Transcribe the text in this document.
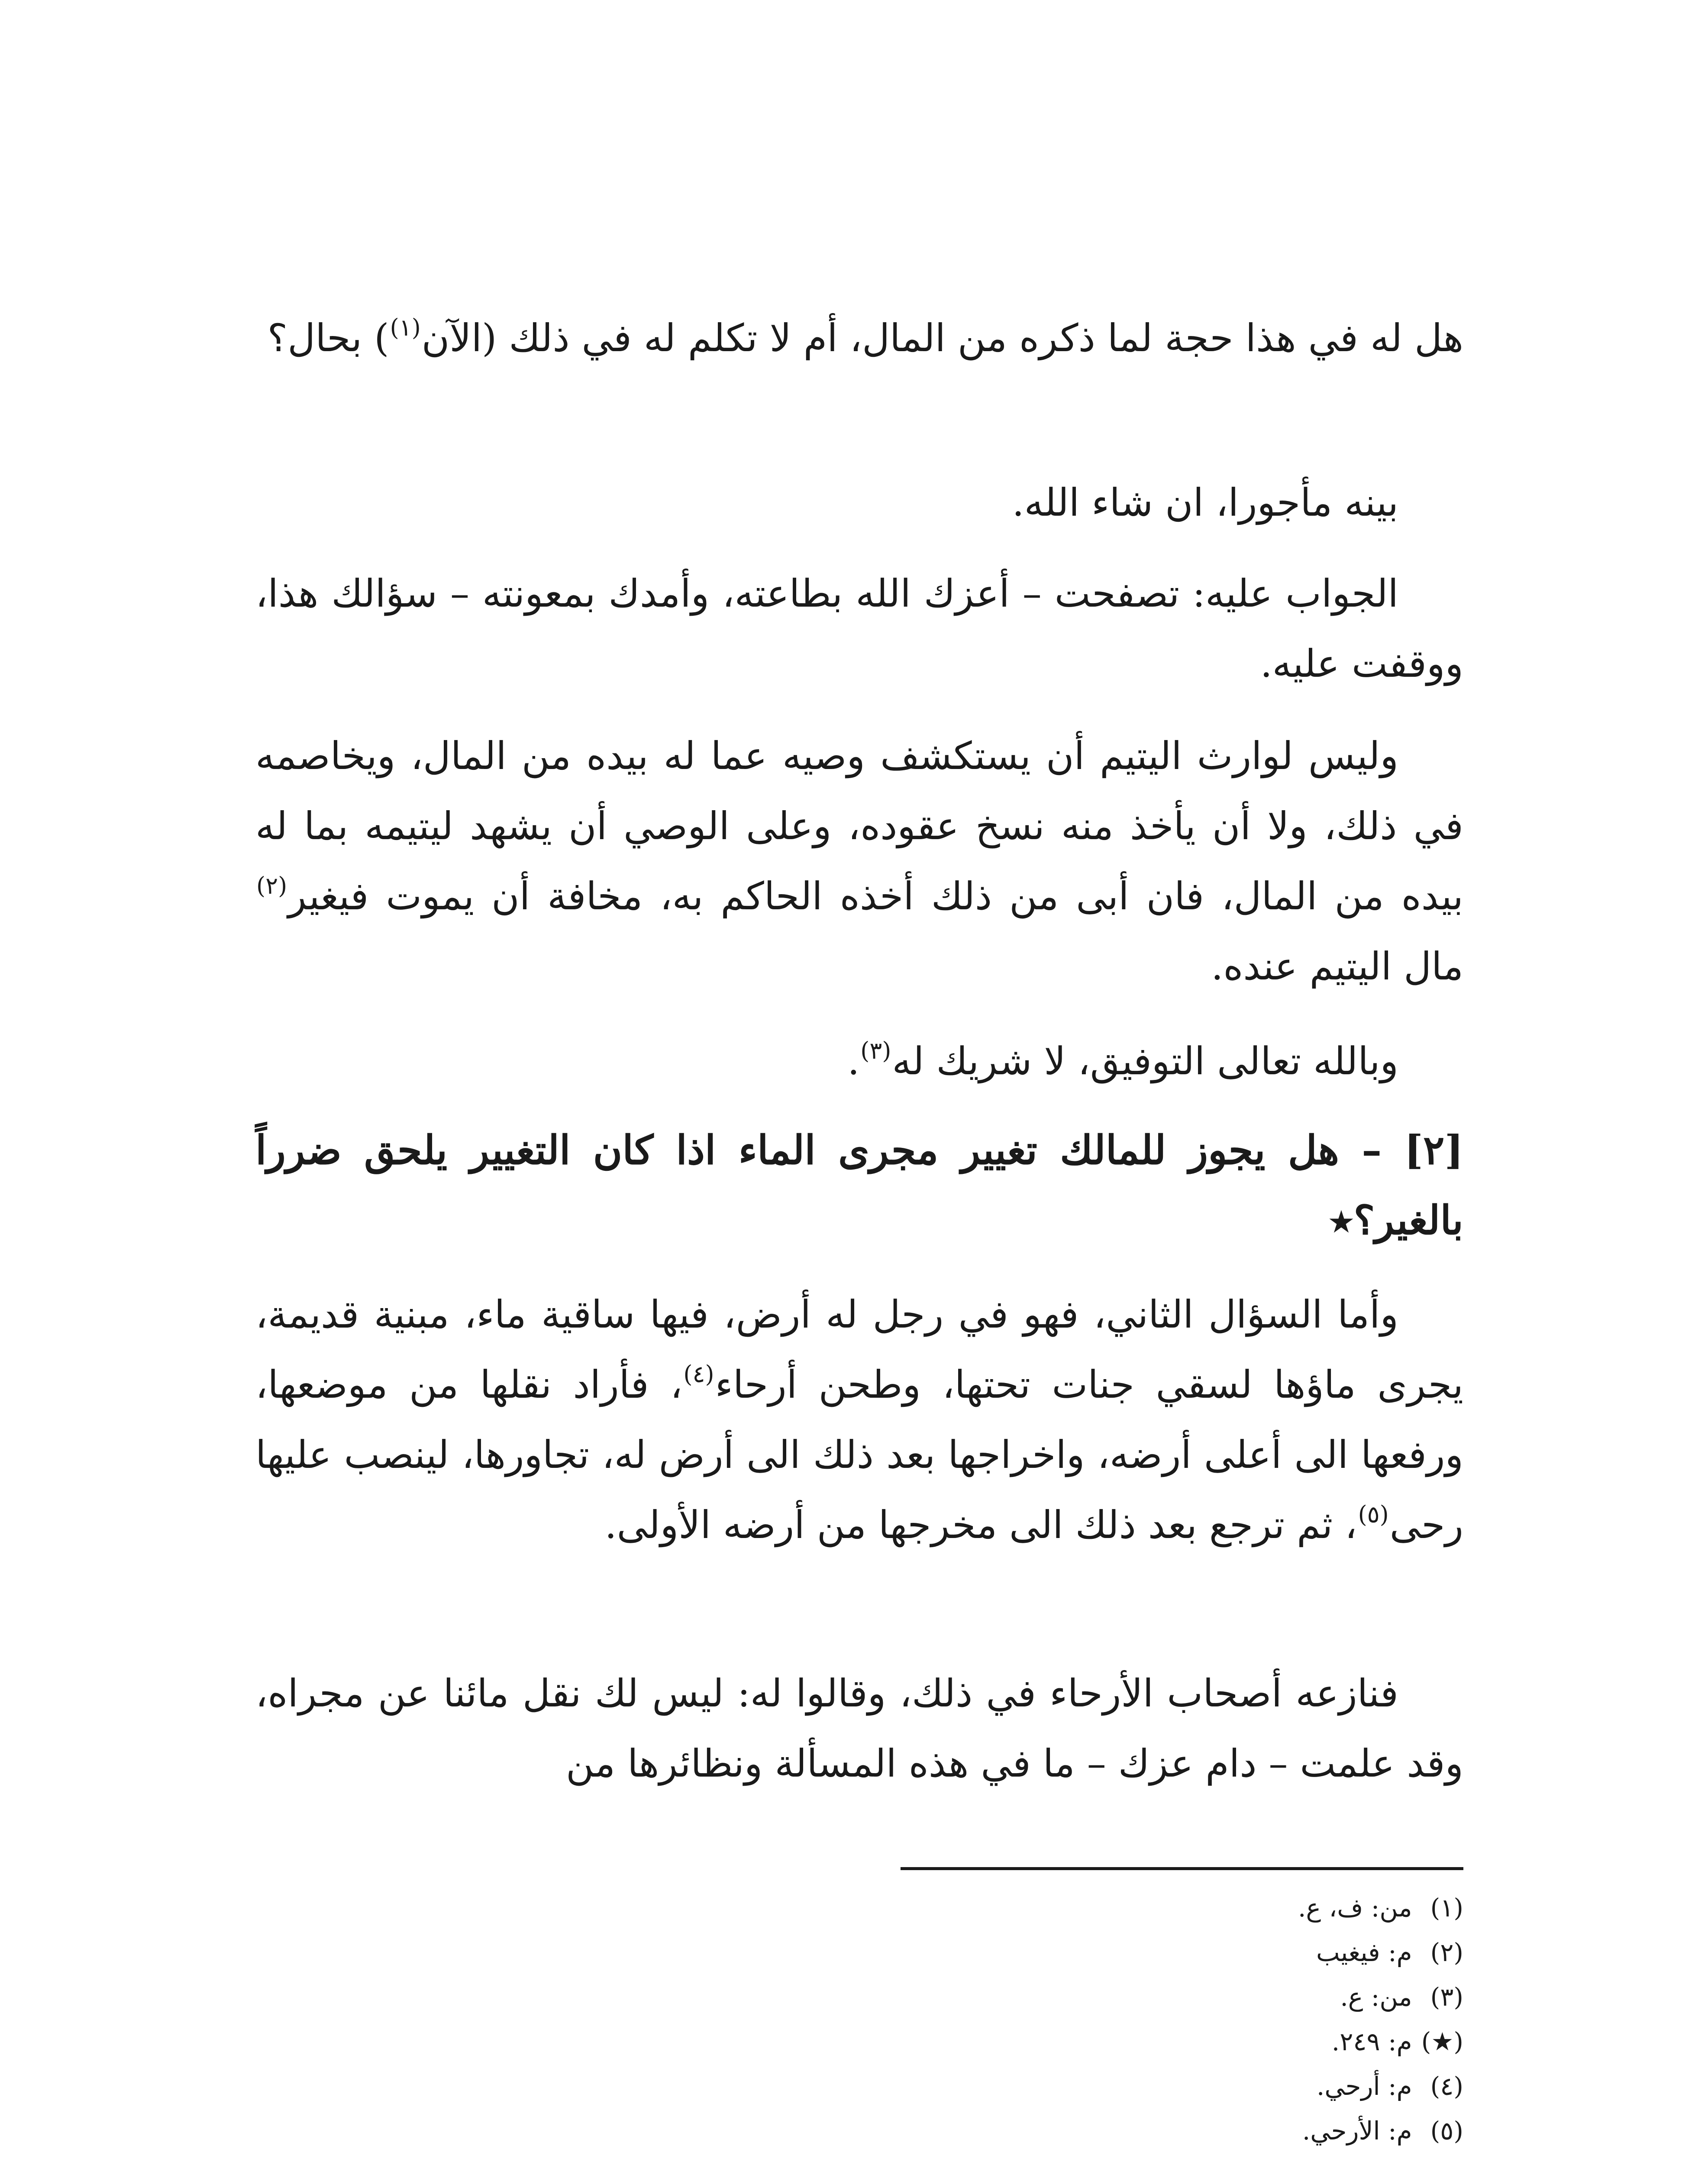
هل له في هذا حجة لما ذكره من المال، أم لا تكلم له في ذلك (الآن$^{(١)}$) بحال؟

بينه مأجورا، ان شاء الله.

الجواب عليه: تصفحت – أعزك الله بطاعته، وأمدك بمعونته – سؤالك هذا، ووقفت عليه.

وليس لوارث اليتيم أن يستكشف وصيه عما له بيده من المال، ويخاصمه في ذلك، ولا أن يأخذ منه نسخ عقوده، وعلى الوصي أن يشهد ليتيمه بما له بيده من المال، فان أبى من ذلك أخذه الحاكم به، مخافة أن يموت فيغير$^{(٢)}$ مال اليتيم عنده.

وبالله تعالى التوفيق، لا شريك له$^{(٣)}$.

[٢] – هل يجوز للمالك تغيير مجرى الماء اذا كان التغيير يلحق ضرراً بالغير؟★

وأما السؤال الثاني، فهو في رجل له أرض، فيها ساقية ماء، مبنية قديمة، يجرى ماؤها لسقي جنات تحتها، وطحن أرحاء$^{(٤)}$، فأراد نقلها من موضعها، ورفعها الى أعلى أرضه، واخراجها بعد ذلك الى أرض له، تجاورها، لينصب عليها رحى$^{(٥)}$، ثم ترجع بعد ذلك الى مخرجها من أرضه الأولى.

فنازعه أصحاب الأرحاء في ذلك، وقالوا له: ليس لك نقل مائنا عن مجراه، وقد علمت – دام عزك – ما في هذه المسألة ونظائرها من

(١) من: ف، ع.
(٢) م: فيغيب
(٣) من: ع.
(★) م: ٢٤٩.
(٤) م: أرحي.
(٥) م: الأرحي.
